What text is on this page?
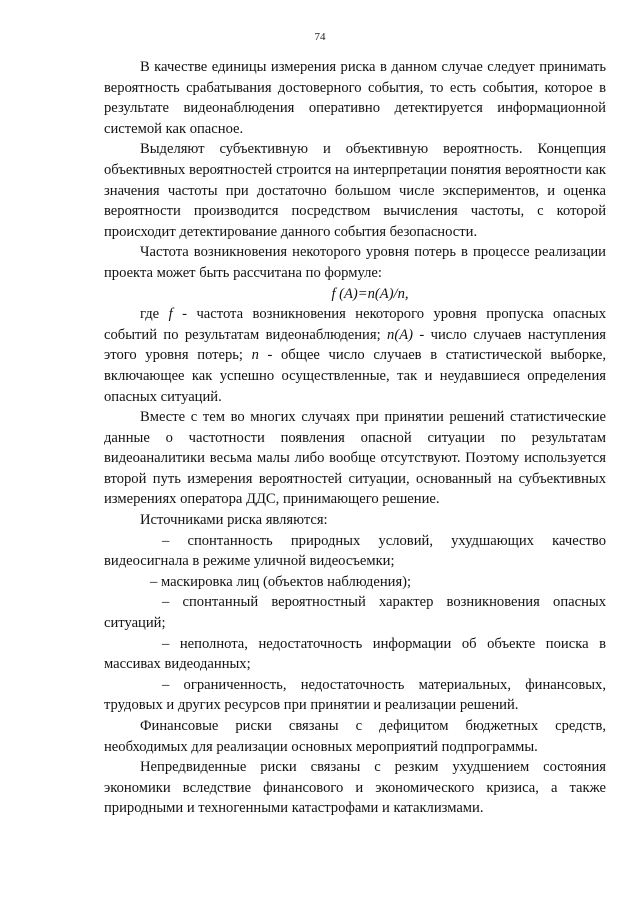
74

В качестве единицы измерения риска в данном случае следует принимать вероятность срабатывания достоверного события, то есть события, которое в результате видеонаблюдения оперативно детектируется информационной системой как опасное.

Выделяют субъективную и объективную вероятность. Концепция объективных вероятностей строится на интерпретации понятия вероятности как значения частоты при достаточно большом числе экспериментов, и оценка вероятности производится посредством вычисления частоты, с которой происходит детектирование данного события безопасности.

Частота возникновения некоторого уровня потерь в процессе реализации проекта может быть рассчитана по формуле:

f (A)=n(A)/n,

где f - частота возникновения некоторого уровня пропуска опасных событий по результатам видеонаблюдения; n(A) - число случаев наступления этого уровня потерь; n - общее число случаев в статистической выборке, включающее как успешно осуществленные, так и неудавшиеся определения опасных ситуаций.

Вместе с тем во многих случаях при принятии решений статистические данные о частотности появления опасной ситуации по результатам видеоаналитики весьма малы либо вообще отсутствуют. Поэтому используется второй путь измерения вероятностей ситуации, основанный на субъективных измерениях оператора ДДС, принимающего решение.

Источниками риска являются:

– спонтанность природных условий, ухудшающих качество видеосигнала в режиме уличной видеосъемки;

– маскировка лиц (объектов наблюдения);

– спонтанный вероятностный характер возникновения опасных ситуаций;

– неполнота, недостаточность информации об объекте поиска в массивах видеоданных;

– ограниченность, недостаточность материальных, финансовых, трудовых и других ресурсов при принятии и реализации решений.

Финансовые риски связаны с дефицитом бюджетных средств, необходимых для реализации основных мероприятий подпрограммы.

Непредвиденные риски связаны с резким ухудшением состояния экономики вследствие финансового и экономического кризиса, а также природными и техногенными катастрофами и катаклизмами.
